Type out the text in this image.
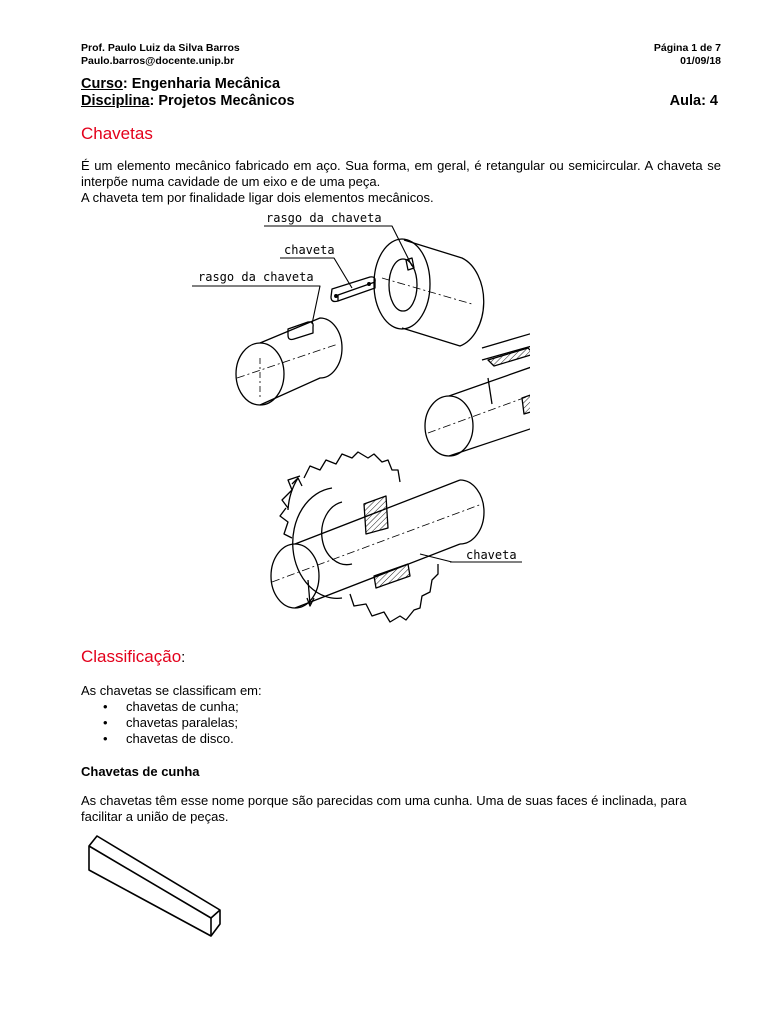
Prof. Paulo Luiz da Silva Barros	Página 1 de 7
Paulo.barros@docente.unip.br	01/09/18
Curso: Engenharia Mecânica
Disciplina: Projetos Mecânicos	Aula: 4
Chavetas
É um elemento mecânico fabricado em aço. Sua forma, em geral, é retangular ou semicircular. A chaveta se interpõe numa cavidade de um eixo e de uma peça.
A chaveta tem por finalidade ligar dois elementos mecânicos.
rasgo da chaveta
chaveta
rasgo da chaveta
chaveta
Classificação:
As chavetas se classificam em:
• chavetas de cunha;
• chavetas paralelas;
• chavetas de disco.
Chavetas de cunha
As chavetas têm esse nome porque são parecidas com uma cunha. Uma de suas faces é inclinada, para facilitar a união de peças.
